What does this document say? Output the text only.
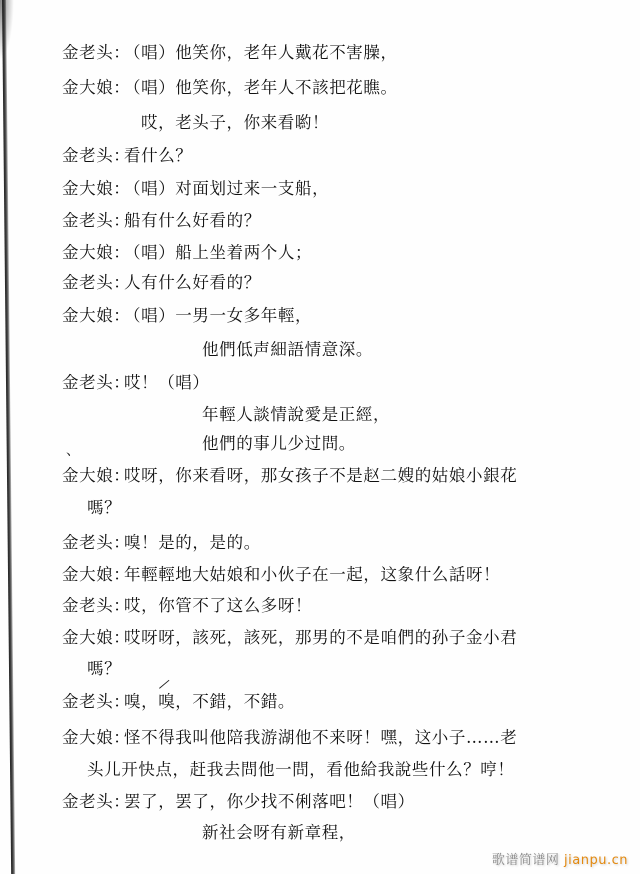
金老头：（唱）他笑你，老年人戴花不害臊，
金大娘：（唱）他笑你，老年人不該把花瞧。
哎，老头子，你来看喲！
金老头：看什么？
金大娘：（唱）对面划过来一支船，
金老头：船有什么好看的？
金大娘：（唱）船上坐着两个人；
金老头：人有什么好看的？
金大娘：（唱）一男一女多年輕，
他們低声細語情意深。
金老头：哎！（唱）
年輕人談情說愛是正經，
他們的事儿少过問。
、
金大娘：哎呀，你来看呀，那女孩子不是赵二嫂的姑娘小銀花
嗎？
金老头：嗅！是的，是的。
金大娘：年輕輕地大姑娘和小伙子在一起，这象什么話呀！
金老头：哎，你管不了这么多呀！
金大娘：哎呀呀，該死，該死，那男的不是咱們的孙子金小君
嗎？
—
金老头：嗅，嗅，不錯，不錯。
金大娘：怪不得我叫他陪我游湖他不来呀！嘿，这小子……老
头儿开快点，赶我去問他一問，看他給我說些什么？哼！
金老头：罢了，罢了，你少找不俐落吧！（唱）
新社会呀有新章程，
歌谱简谱网 jianpu.cn
